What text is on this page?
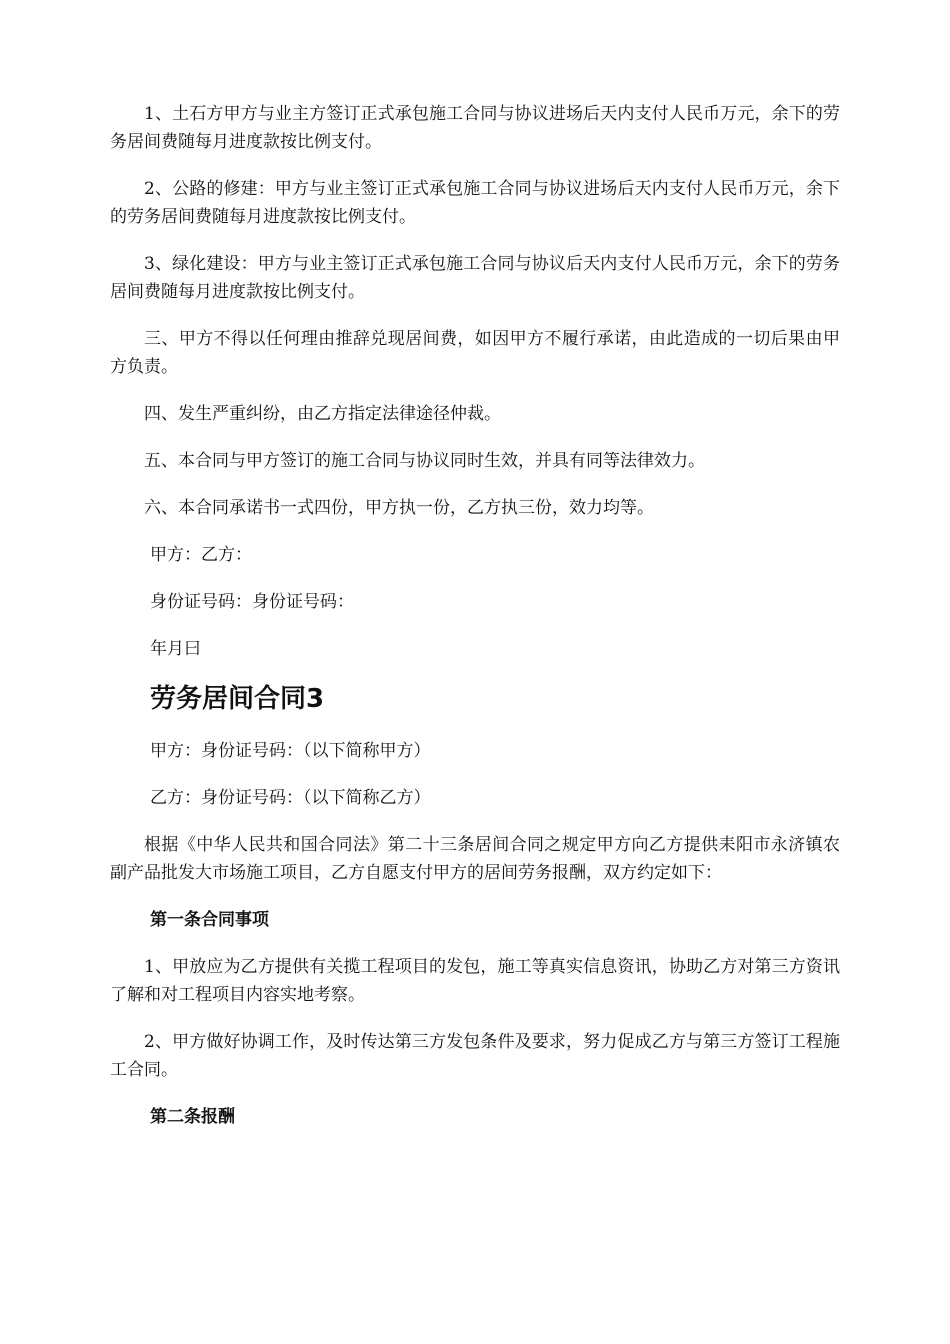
1、土石方甲方与业主方签订正式承包施工合同与协议进场后天内支付人民币万元，余下的劳务居间费随每月进度款按比例支付。

2、公路的修建：甲方与业主签订正式承包施工合同与协议进场后天内支付人民币万元，余下的劳务居间费随每月进度款按比例支付。

3、绿化建设：甲方与业主签订正式承包施工合同与协议后天内支付人民币万元，余下的劳务居间费随每月进度款按比例支付。

三、甲方不得以任何理由推辞兑现居间费，如因甲方不履行承诺，由此造成的一切后果由甲方负责。

四、发生严重纠纷，由乙方指定法律途径仲裁。

五、本合同与甲方签订的施工合同与协议同时生效，并具有同等法律效力。

六、本合同承诺书一式四份，甲方执一份，乙方执三份，效力均等。

甲方：乙方：

身份证号码：身份证号码：

年月曰

劳务居间合同3

甲方：身份证号码：（以下简称甲方）

乙方：身份证号码：（以下简称乙方）

根据《中华人民共和国合同法》第二十三条居间合同之规定甲方向乙方提供耒阳市永济镇农副产品批发大市场施工项目，乙方自愿支付甲方的居间劳务报酬，双方约定如下：

第一条合同事项

1、甲放应为乙方提供有关揽工程项目的发包，施工等真实信息资讯，协助乙方对第三方资讯了解和对工程项目内容实地考察。

2、甲方做好协调工作，及时传达第三方发包条件及要求，努力促成乙方与第三方签订工程施工合同。

第二条报酬
